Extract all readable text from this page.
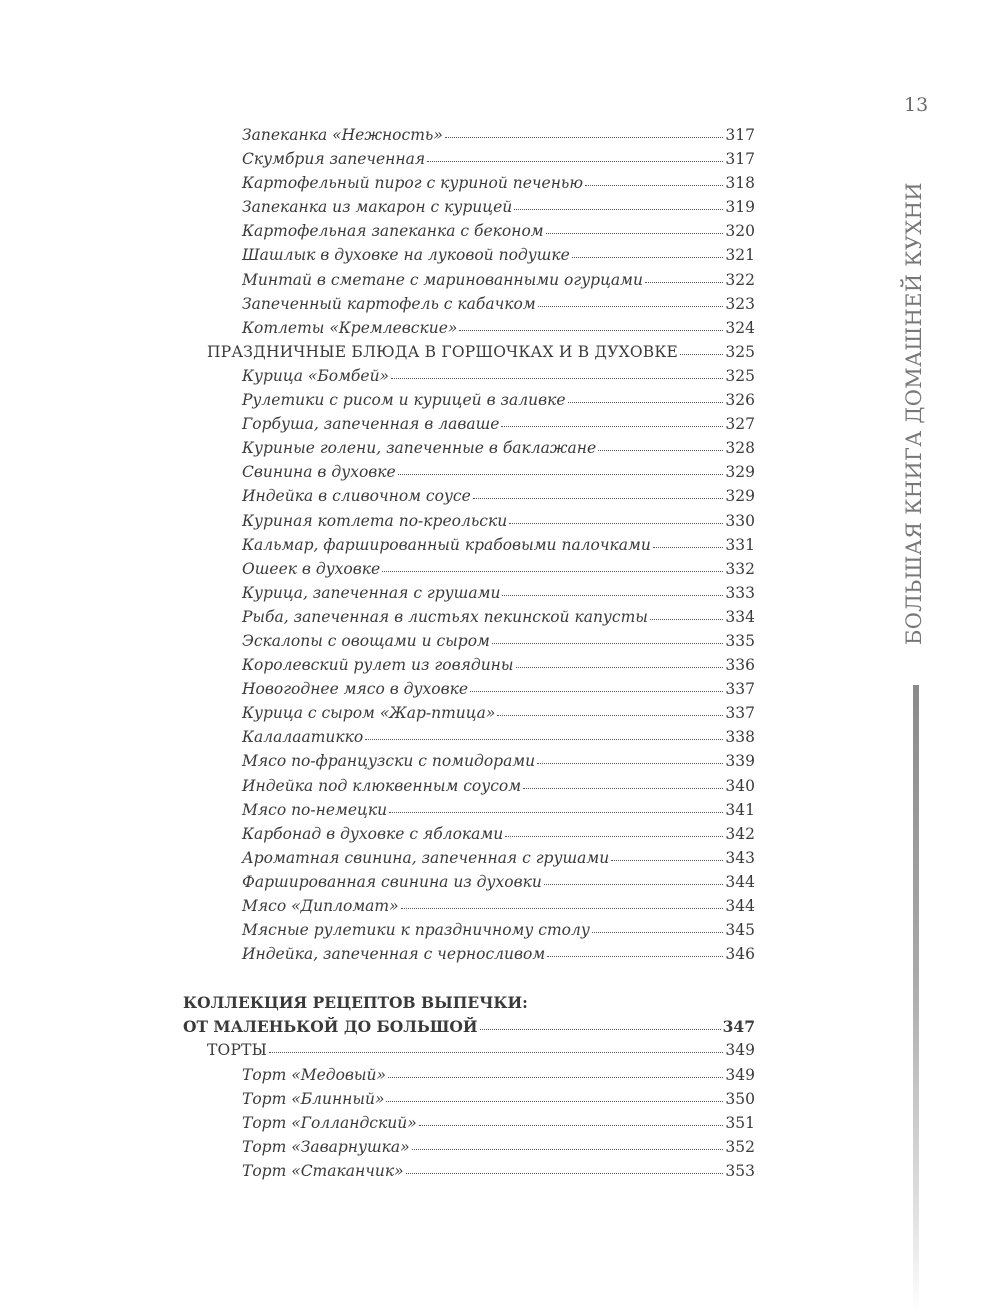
13
БОЛЬШАЯ КНИГА ДОМАШНЕЙ КУХНИ
Запеканка «Нежность»	317
Скумбрия запеченная	317
Картофельный пирог с куриной печенью	318
Запеканка из макарон с курицей	319
Картофельная запеканка с беконом	320
Шашлык в духовке на луковой подушке	321
Минтай в сметане с маринованными огурцами	322
Запеченный картофель с кабачком	323
Котлеты «Кремлевские»	324
ПРАЗДНИЧНЫЕ БЛЮДА В ГОРШОЧКАХ И В ДУХОВКЕ	325
Курица «Бомбей»	325
Рулетики с рисом и курицей в заливке	326
Горбуша, запеченная в лаваше	327
Куриные голени, запеченные в баклажане	328
Свинина в духовке	329
Индейка в сливочном соусе	329
Куриная котлета по-креольски	330
Кальмар, фаршированный крабовыми палочками	331
Ошеек в духовке	332
Курица, запеченная с грушами	333
Рыба, запеченная в листьях пекинской капусты	334
Эскалопы с овощами и сыром	335
Королевский рулет из говядины	336
Новогоднее мясо в духовке	337
Курица с сыром «Жар-птица»	337
Калалаатикко	338
Мясо по-французски с помидорами	339
Индейка под клюквенным соусом	340
Мясо по-немецки	341
Карбонад в духовке с яблоками	342
Ароматная свинина, запеченная с грушами	343
Фаршированная свинина из духовки	344
Мясо «Дипломат»	344
Мясные рулетики к праздничному столу	345
Индейка, запеченная с черносливом	346
КОЛЛЕКЦИЯ РЕЦЕПТОВ ВЫПЕЧКИ:
ОТ МАЛЕНЬКОЙ ДО БОЛЬШОЙ	347
ТОРТЫ	349
Торт «Медовый»	349
Торт «Блинный»	350
Торт «Голландский»	351
Торт «Заварнушка»	352
Торт «Стаканчик»	353
